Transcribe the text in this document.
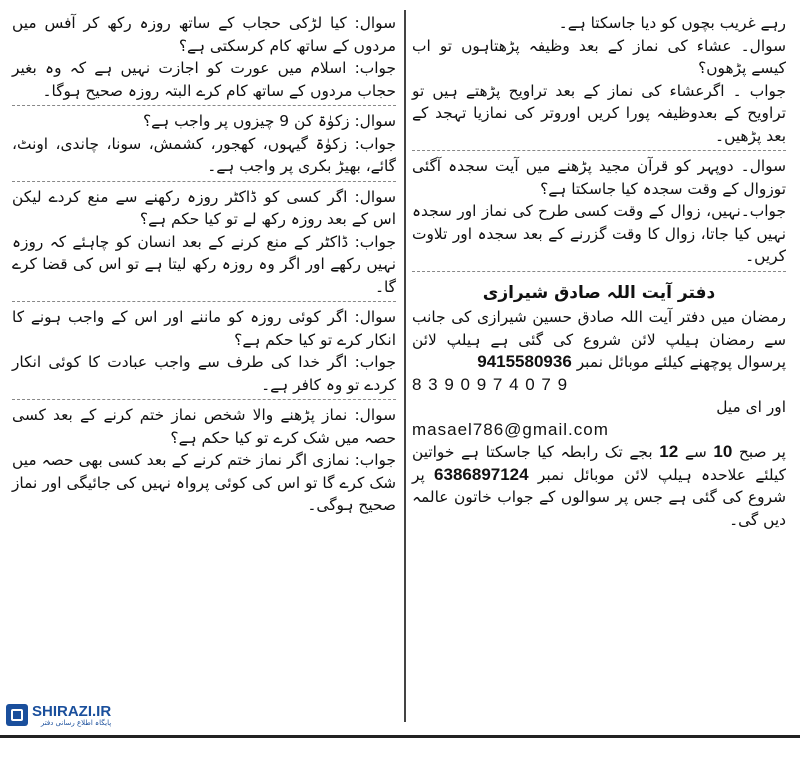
رہے غریب بچوں کو دیا جاسکتا ہے۔

سوال۔ عشاء کی نماز کے بعد وظیفہ پڑھتاہوں تو اب کیسے پڑھوں؟
جواب ۔ اگرعشاء کی نماز کے بعد تراویح پڑھتے ہیں تو تراویح کے بعدوظیفہ پورا کریں اوروتر کی نمازیا تہجد کے بعد پڑھیں۔
سوال۔ دوپہر کو قرآن مجید پڑھنے میں آیت سجدہ آگئی توزوال کے وقت سجدہ کیا جاسکتا ہے؟
جواب۔نہیں، زوال کے وقت کسی طرح کی نماز اور سجدہ نہیں کیا جاتا، زوال کا وقت گزرنے کے بعد سجدہ اور تلاوت کریں۔
دفتر آیت اللہ صادق شیرازی

رمضان میں دفتر آیت اللہ صادق حسین شیرازی کی جانب سے رمضان ہیلپ لائن شروع کی گئی ہے ہیلپ لائن پرسوال پوچھنے کیلئے موبائل نمبر 9415580936
8 3 9 0 9 7 4 0 7 9
اور ای میل
masael786@gmail.com
پر صبح 10 سے 12 بجے تک رابطہ کیا جاسکتا ہے خواتین کیلئے علاحدہ ہیلپ لائن موبائل نمبر 6386897124 پر شروع کی گئی ہے جس پر سوالوں کے جواب خاتون عالمہ دیں گی۔

سوال: کیا لڑکی حجاب کے ساتھ روزہ رکھ کر آفس میں مردوں کے ساتھ کام کرسکتی ہے؟
جواب: اسلام میں عورت کو اجازت نہیں ہے کہ وہ بغیر حجاب مردوں کے ساتھ کام کرے البتہ روزہ صحیح ہوگا۔
سوال: زکوٰۃ کن 9 چیزوں پر واجب ہے؟
جواب: زکوٰۃ گیہوں، کھجور، کشمش، سونا، چاندی، اونٹ، گائے، بھیڑ بکری پر واجب ہے۔
سوال: اگر کسی کو ڈاکٹر روزہ رکھنے سے منع کردے لیکن اس کے بعد روزہ رکھ لے تو کیا حکم ہے؟
جواب: ڈاکٹر کے منع کرنے کے بعد انسان کو چاہئے کہ روزہ نہیں رکھے اور اگر وہ روزہ رکھ لیتا ہے تو اس کی قضا کرے گا۔
سوال: اگر کوئی روزہ کو ماننے اور اس کے واجب ہونے کا انکار کرے تو کیا حکم ہے؟
جواب: اگر خدا کی طرف سے واجب عبادت کا کوئی انکار کردے تو وہ کافر ہے۔
سوال: نماز پڑھنے والا شخص نماز ختم کرنے کے بعد کسی حصہ میں شک کرے تو کیا حکم ہے؟
جواب: نمازی اگر نماز ختم کرنے کے بعد کسی بھی حصہ میں شک کرے گا تو اس کی کوئی پرواہ نہیں کی جائیگی اور نماز صحیح ہوگی۔
SHIRAZI.IR
پایگاہ اطلاع رسانی دفتر
